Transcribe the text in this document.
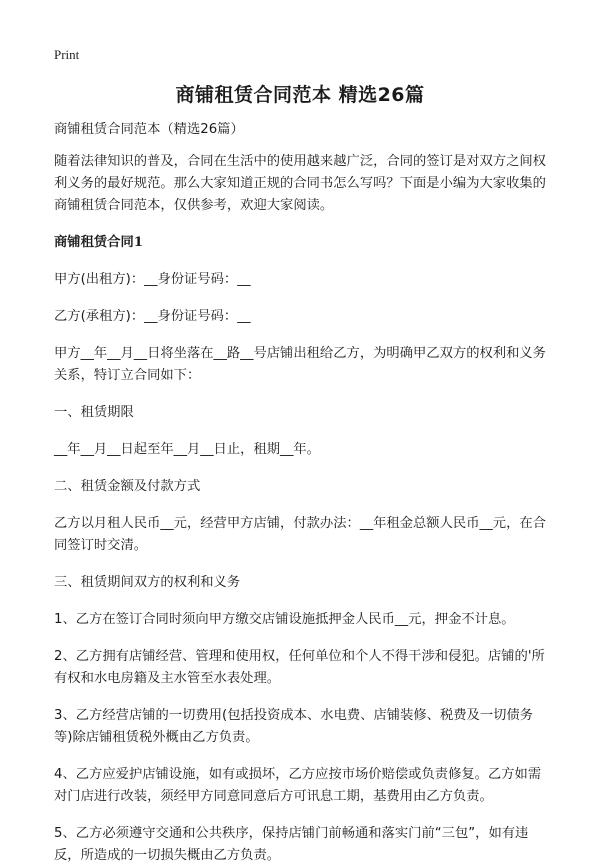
Print
商铺租赁合同范本 精选26篇

商铺租赁合同范本（精选26篇）

随着法律知识的普及，合同在生活中的使用越来越广泛，合同的签订是对双方之间权利义务的最好规范。那么大家知道正规的合同书怎么写吗？下面是小编为大家收集的商铺租赁合同范本，仅供参考，欢迎大家阅读。

商铺租赁合同1

甲方(出租方)：__身份证号码：__

乙方(承租方)：__身份证号码：__

甲方__年__月__日将坐落在__路__号店铺出租给乙方，为明确甲乙双方的权利和义务关系，特订立合同如下：

一、租赁期限

__年__月__日起至年__月__日止，租期__年。

二、租赁金额及付款方式

乙方以月租人民币__元，经营甲方店铺，付款办法：__年租金总额人民币__元，在合同签订时交清。

三、租赁期间双方的权利和义务

1、乙方在签订合同时须向甲方缴交店铺设施抵押金人民币__元，押金不计息。

2、乙方拥有店铺经营、管理和使用权，任何单位和个人不得干涉和侵犯。店铺的'所有权和水电房籍及主水管至水表处理。

3、乙方经营店铺的一切费用(包括投资成本、水电费、店铺装修、税费及一切债务等)除店铺租赁税外概由乙方负责。

4、乙方应爱护店铺设施，如有或损坏，乙方应按市场价赔偿或负责修复。乙方如需对门店进行改装，须经甲方同意同意后方可讯息工期，基费用由乙方负责。

5、乙方必须遵守交通和公共秩序，保持店铺门前畅通和落实门前“三包”，如有违反，所造成的一切损失概由乙方负责。
